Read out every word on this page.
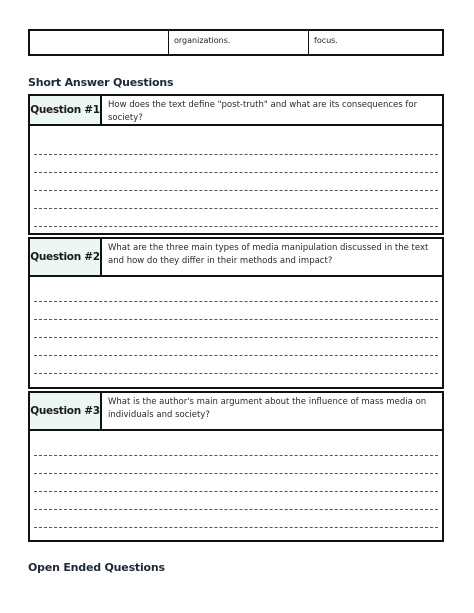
organizations.	focus.
Short Answer Questions
Question #1 How does the text define "post-truth" and what are its consequences for society?
Question #2
What are the three main types of media manipulation discussed in the text and how do they differ in their methods and impact?
Question #3
What is the author's main argument about the influence of mass media on individuals and society?
Open Ended Questions
